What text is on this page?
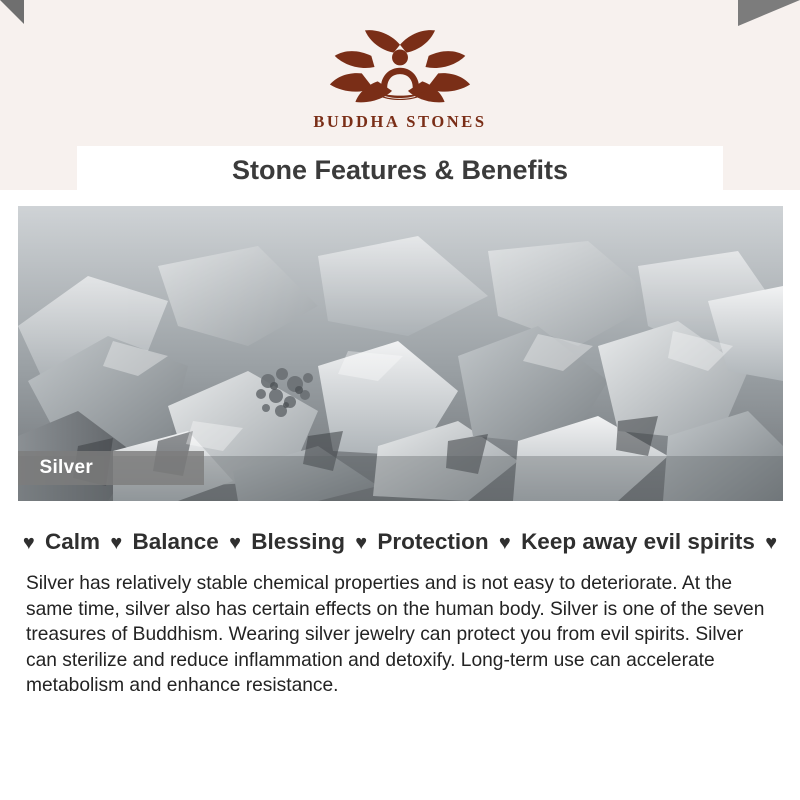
BUDDHA STONES
Stone Features & Benefits
Silver
♥ Calm ♥ Balance ♥ Blessing ♥ Protection ♥ Keep away evil spirits ♥

Silver has relatively stable chemical properties and is not easy to deteriorate. At the same time, silver also has certain effects on the human body. Silver is one of the seven treasures of Buddhism. Wearing silver jewelry can protect you from evil spirits. Silver can sterilize and reduce inflammation and detoxify. Long-term use can accelerate metabolism and enhance resistance.
